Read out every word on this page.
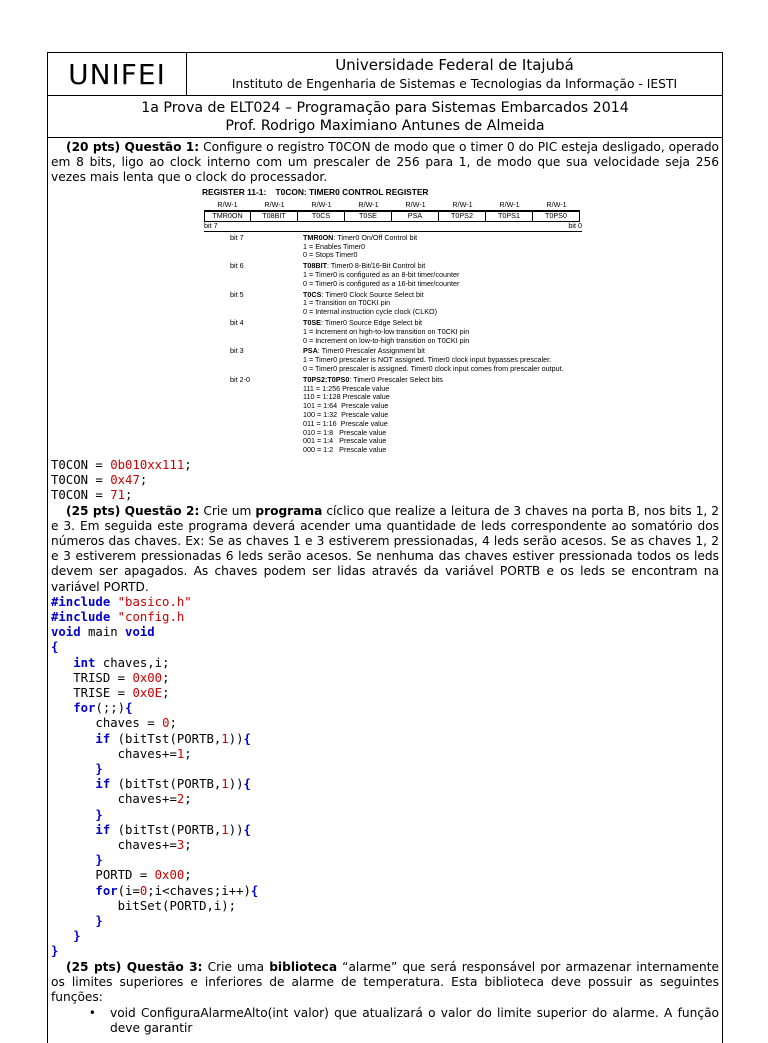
UNIFEI	Universidade Federal de Itajubá
Instituto de Engenharia de Sistemas e Tecnologias da Informação - IESTI
1a Prova de ELT024 – Programação para Sistemas Embarcados 2014
Prof. Rodrigo Maximiano Antunes de Almeida

(20 pts) Questão 1: Configure o registro T0CON de modo que o timer 0 do PIC esteja desligado, operado em 8 bits, ligo ao clock interno com um prescaler de 256 para 1, de modo que sua velocidade seja 256 vezes mais lenta que o clock do processador.

REGISTER 11-1: T0CON: TIMER0 CONTROL REGISTER
R/W-1	R/W-1	R/W-1	R/W-1	R/W-1	R/W-1	R/W-1	R/W-1
TMR0ON	T08BIT	T0CS	T0SE	PSA	T0PS2	T0PS1	T0PS0
bit 7	bit 0
bit 7	TMR0ON: Timer0 On/Off Control bit
1 = Enables Timer0
0 = Stops Timer0
bit 6	T08BIT: Timer0 8-Bit/16-Bit Control bit
1 = Timer0 is configured as an 8-bit timer/counter
0 = Timer0 is configured as a 16-bit timer/counter
bit 5	T0CS: Timer0 Clock Source Select bit
1 = Transition on T0CKI pin
0 = Internal instruction cycle clock (CLKO)
bit 4	T0SE: Timer0 Source Edge Select bit
1 = Increment on high-to-low transition on T0CKI pin
0 = Increment on low-to-high transition on T0CKI pin
bit 3	PSA: Timer0 Prescaler Assignment bit
1 = Timer0 prescaler is NOT assigned. Timer0 clock input bypasses prescaler.
0 = Timer0 prescaler is assigned. Timer0 clock input comes from prescaler output.
bit 2-0	T0PS2:T0PS0: Timer0 Prescaler Select bits
111 = 1:256 Prescale value
110 = 1:128 Prescale value
101 = 1:64  Prescale value
100 = 1:32  Prescale value
011 = 1:16  Prescale value
010 = 1:8   Prescale value
001 = 1:4   Prescale value
000 = 1:2   Prescale value
T0CON = 0b010xx111;
T0CON = 0x47;
T0CON = 71;

(25 pts) Questão 2: Crie um programa cíclico que realize a leitura de 3 chaves na porta B, nos bits 1, 2 e 3. Em seguida este programa deverá acender uma quantidade de leds correspondente ao somatório dos números das chaves. Ex: Se as chaves 1 e 3 estiverem pressionadas, 4 leds serão acesos. Se as chaves 1, 2 e 3 estiverem pressionadas 6 leds serão acesos. Se nenhuma das chaves estiver pressionada todos os leds devem ser apagados. As chaves podem ser lidas através da variável PORTB e os leds se encontram na variável PORTD.

#include "basico.h"
#include "config.h
void main void
{
int chaves,i;
TRISD = 0x00;
TRISE = 0x0E;
for(;;){
chaves = 0;
if (bitTst(PORTB,1)){
chaves+=1;
}
if (bitTst(PORTB,1)){
chaves+=2;
}
if (bitTst(PORTB,1)){
chaves+=3;
}
PORTD = 0x00;
for(i=0;i<chaves;i++){
bitSet(PORTD,i);
}
}
}

(25 pts) Questão 3: Crie uma biblioteca “alarme” que será responsável por armazenar internamente os limites superiores e inferiores de alarme de temperatura. Esta biblioteca deve possuir as seguintes funções:

•	void ConfiguraAlarmeAlto(int valor) que atualizará o valor do limite superior do alarme. A função deve garantir
